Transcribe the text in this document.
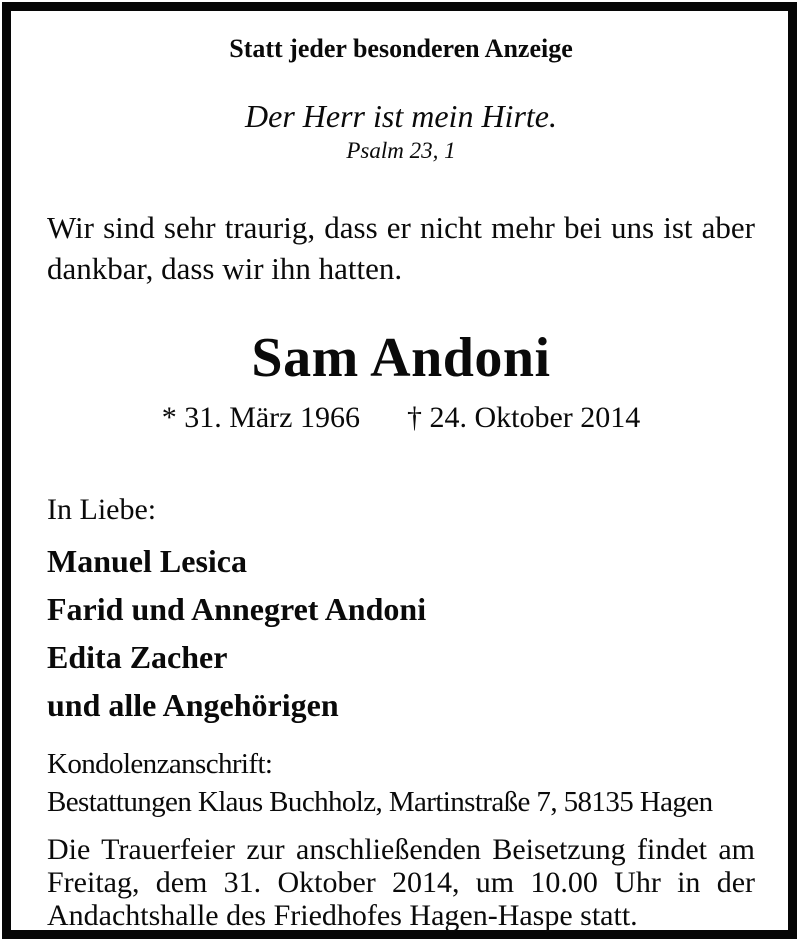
Statt jeder besonderen Anzeige
Der Herr ist mein Hirte.
Psalm 23, 1
Wir sind sehr traurig, dass er nicht mehr bei uns ist aber
dankbar, dass wir ihn hatten.
Sam Andoni
* 31. März 1966 † 24. Oktober 2014
In Liebe:
Manuel Lesica
Farid und Annegret Andoni
Edita Zacher
und alle Angehörigen
Kondolenzanschrift:
Bestattungen Klaus Buchholz, Martinstraße 7, 58135 Hagen
Die Trauerfeier zur anschließenden Beisetzung findet am
Freitag, dem 31. Oktober 2014, um 10.00 Uhr in der
Andachtshalle des Friedhofes Hagen-Haspe statt.
